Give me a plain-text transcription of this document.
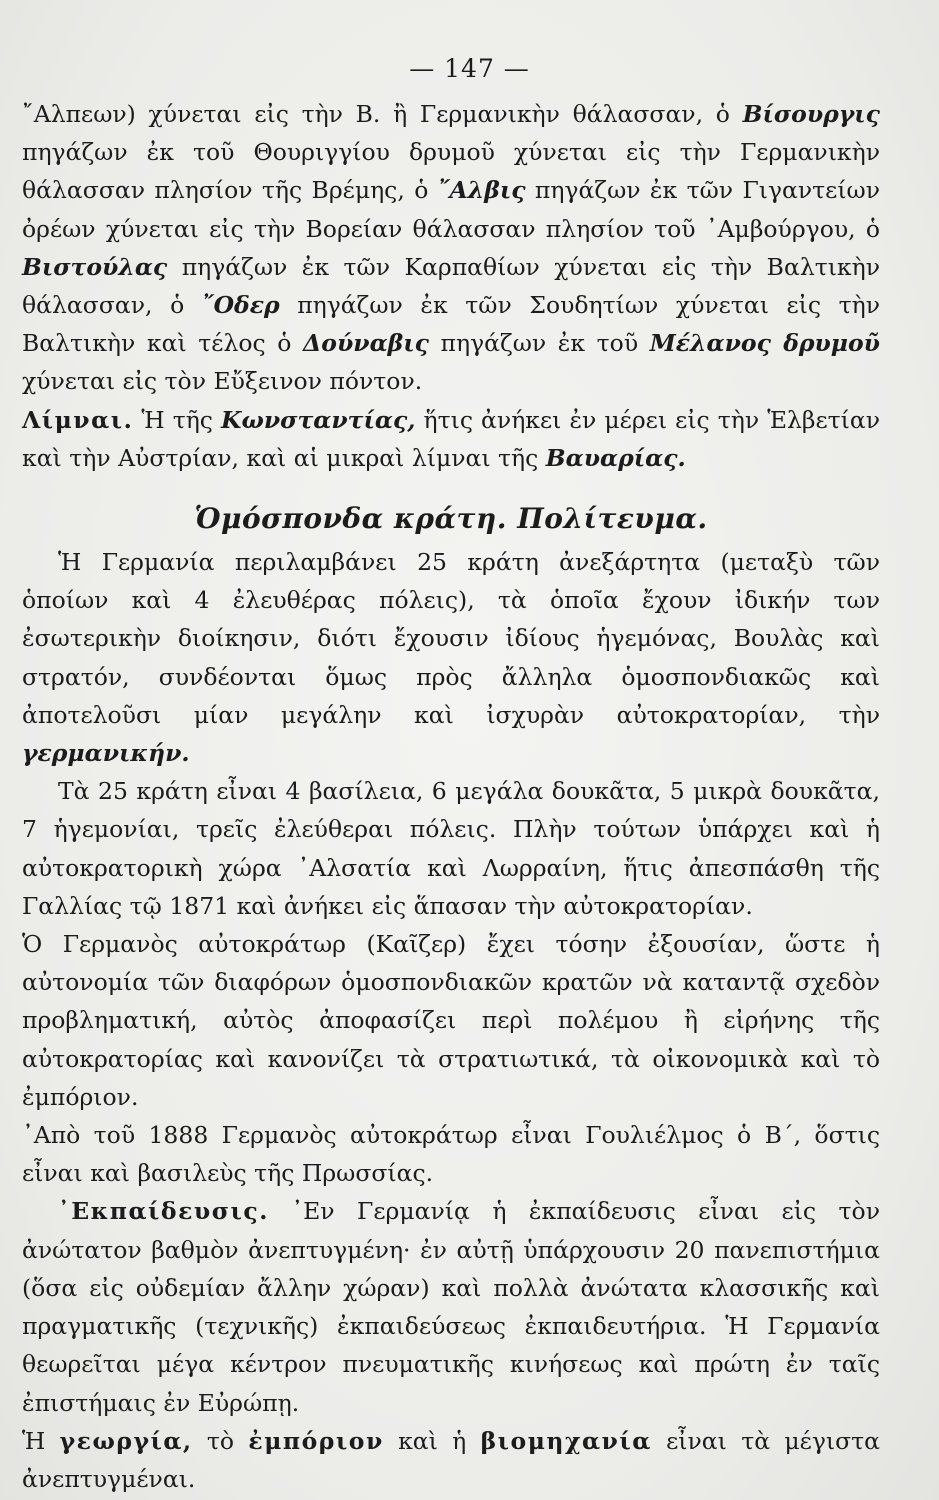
— 147 —

῎Αλπεων) χύνεται εἰς τὴν Β. ἢ Γερμανικὴν θάλασσαν, ὁ Βίσουργις πηγάζων ἐκ τοῦ Θουριγγίου δρυμοῦ χύνεται εἰς τὴν Γερμανικὴν θάλασσαν πλησίον τῆς Βρέμης, ὁ ῎Αλβις πηγάζων ἐκ τῶν Γιγαντείων ὀρέων χύνεται εἰς τὴν Βορείαν θάλασσαν πλησίον τοῦ ᾿Αμβούργου, ὁ Βιστούλας πηγάζων ἐκ τῶν Καρπαθίων χύνεται εἰς τὴν Βαλτικὴν θάλασσαν, ὁ ῎Οδερ πηγάζων ἐκ τῶν Σουδητίων χύνεται εἰς τὴν Βαλτικὴν καὶ τέλος ὁ Δούναβις πηγάζων ἐκ τοῦ Μέλανος δρυμοῦ χύνεται εἰς τὸν Εὔξεινον πόντον.

Λίμναι. Ἡ τῆς Κωνσταντίας, ἥτις ἀνήκει ἐν μέρει εἰς τὴν Ἑλβετίαν καὶ τὴν Αὐστρίαν, καὶ αἱ μικραὶ λίμναι τῆς Βαυαρίας.

Ὁμόσπονδα κράτη. Πολίτευμα.

Ἡ Γερμανία περιλαμβάνει 25 κράτη ἀνεξάρτητα (μεταξὺ τῶν ὁποίων καὶ 4 ἐλευθέρας πόλεις), τὰ ὁποῖα ἔχουν ἰδικήν των ἐσωτερικὴν διοίκησιν, διότι ἔχουσιν ἰδίους ἡγεμόνας, Βουλὰς καὶ στρατόν, συνδέονται ὅμως πρὸς ἄλληλα ὁμοσπονδιακῶς καὶ ἀποτελοῦσι μίαν μεγάλην καὶ ἰσχυρὰν αὐτοκρατορίαν, τὴν γερμανικήν.

Τὰ 25 κράτη εἶναι 4 βασίλεια, 6 μεγάλα δουκᾶτα, 5 μικρὰ δουκᾶτα, 7 ἡγεμονίαι, τρεῖς ἐλεύθεραι πόλεις. Πλὴν τούτων ὑπάρχει καὶ ἡ αὐτοκρατορικὴ χώρα ᾿Αλσατία καὶ Λωρραίνη, ἥτις ἀπεσπάσθη τῆς Γαλλίας τῷ 1871 καὶ ἀνήκει εἰς ἅπασαν τὴν αὐτοκρατορίαν.

Ὁ Γερμανὸς αὐτοκράτωρ (Καῖζερ) ἔχει τόσην ἐξουσίαν, ὥστε ἡ αὐτονομία τῶν διαφόρων ὁμοσπονδιακῶν κρατῶν νὰ καταντᾷ σχεδὸν προβληματική, αὐτὸς ἀποφασίζει περὶ πολέμου ἢ εἰρήνης τῆς αὐτοκρατορίας καὶ κανονίζει τὰ στρατιωτικά, τὰ οἰκονομικὰ καὶ τὸ ἐμπόριον.

᾿Απὸ τοῦ 1888 Γερμανὸς αὐτοκράτωρ εἶναι Γουλιέλμος ὁ Β΄, ὅστις εἶναι καὶ βασιλεὺς τῆς Πρωσσίας.

᾿Εκπαίδευσις. ᾿Εν Γερμανίᾳ ἡ ἐκπαίδευσις εἶναι εἰς τὸν ἀνώτατον βαθμὸν ἀνεπτυγμένη· ἐν αὐτῇ ὑπάρχουσιν 20 πανεπιστήμια (ὅσα εἰς οὐδεμίαν ἄλλην χώραν) καὶ πολλὰ ἀνώτατα κλασσικῆς καὶ πραγματικῆς (τεχνικῆς) ἐκπαιδεύσεως ἐκπαιδευτήρια. Ἡ Γερμανία θεωρεῖται μέγα κέντρον πνευματικῆς κινήσεως καὶ πρώτη ἐν ταῖς ἐπιστήμαις ἐν Εὐρώπῃ.

Ἡ γεωργία, τὸ ἐμπόριον καὶ ἡ βιομηχανία εἶναι τὰ μέγιστα ἀνεπτυγμέναι.
